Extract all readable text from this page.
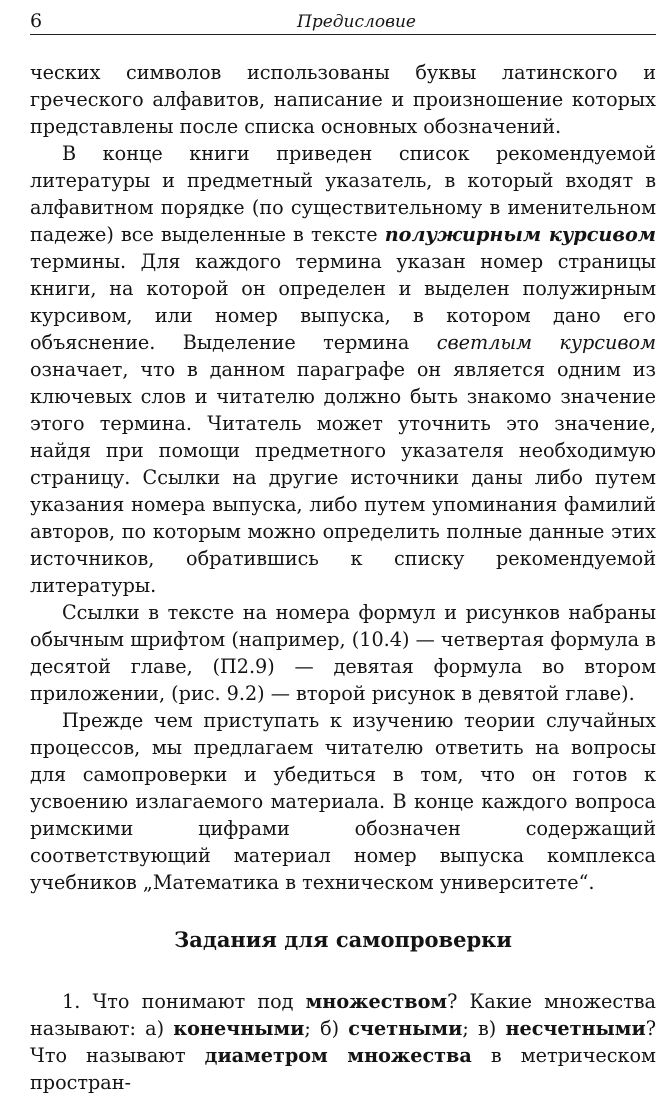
6	Предисловие

ческих символов использованы буквы латинского и греческого алфавитов, написание и произношение которых представлены после списка основных обозначений.

В конце книги приведен список рекомендуемой литературы и предметный указатель, в который входят в алфавитном порядке (по существительному в именительном падеже) все выделенные в тексте полужирным курсивом термины. Для каждого термина указан номер страницы книги, на которой он определен и выделен полужирным курсивом, или номер выпуска, в котором дано его объяснение. Выделение термина светлым курсивом означает, что в данном параграфе он является одним из ключевых слов и читателю должно быть знакомо значение этого термина. Читатель может уточнить это значение, найдя при помощи предметного указателя необходимую страницу. Ссылки на другие источники даны либо путем указания номера выпуска, либо путем упоминания фамилий авторов, по которым можно определить полные данные этих источников, обратившись к списку рекомендуемой литературы.

Ссылки в тексте на номера формул и рисунков набраны обычным шрифтом (например, (10.4) — четвертая формула в десятой главе, (П2.9) — девятая формула во втором приложении, (рис. 9.2) — второй рисунок в девятой главе).

Прежде чем приступать к изучению теории случайных процессов, мы предлагаем читателю ответить на вопросы для самопроверки и убедиться в том, что он готов к усвоению излагаемого материала. В конце каждого вопроса римскими цифрами обозначен содержащий соответствующий материал номер выпуска комплекса учебников „Математика в техническом университете“.

Задания для самопроверки

1. Что понимают под множеством? Какие множества называют: а) конечными; б) счетными; в) несчетными? Что называют диаметром множества в метрическом простран-
